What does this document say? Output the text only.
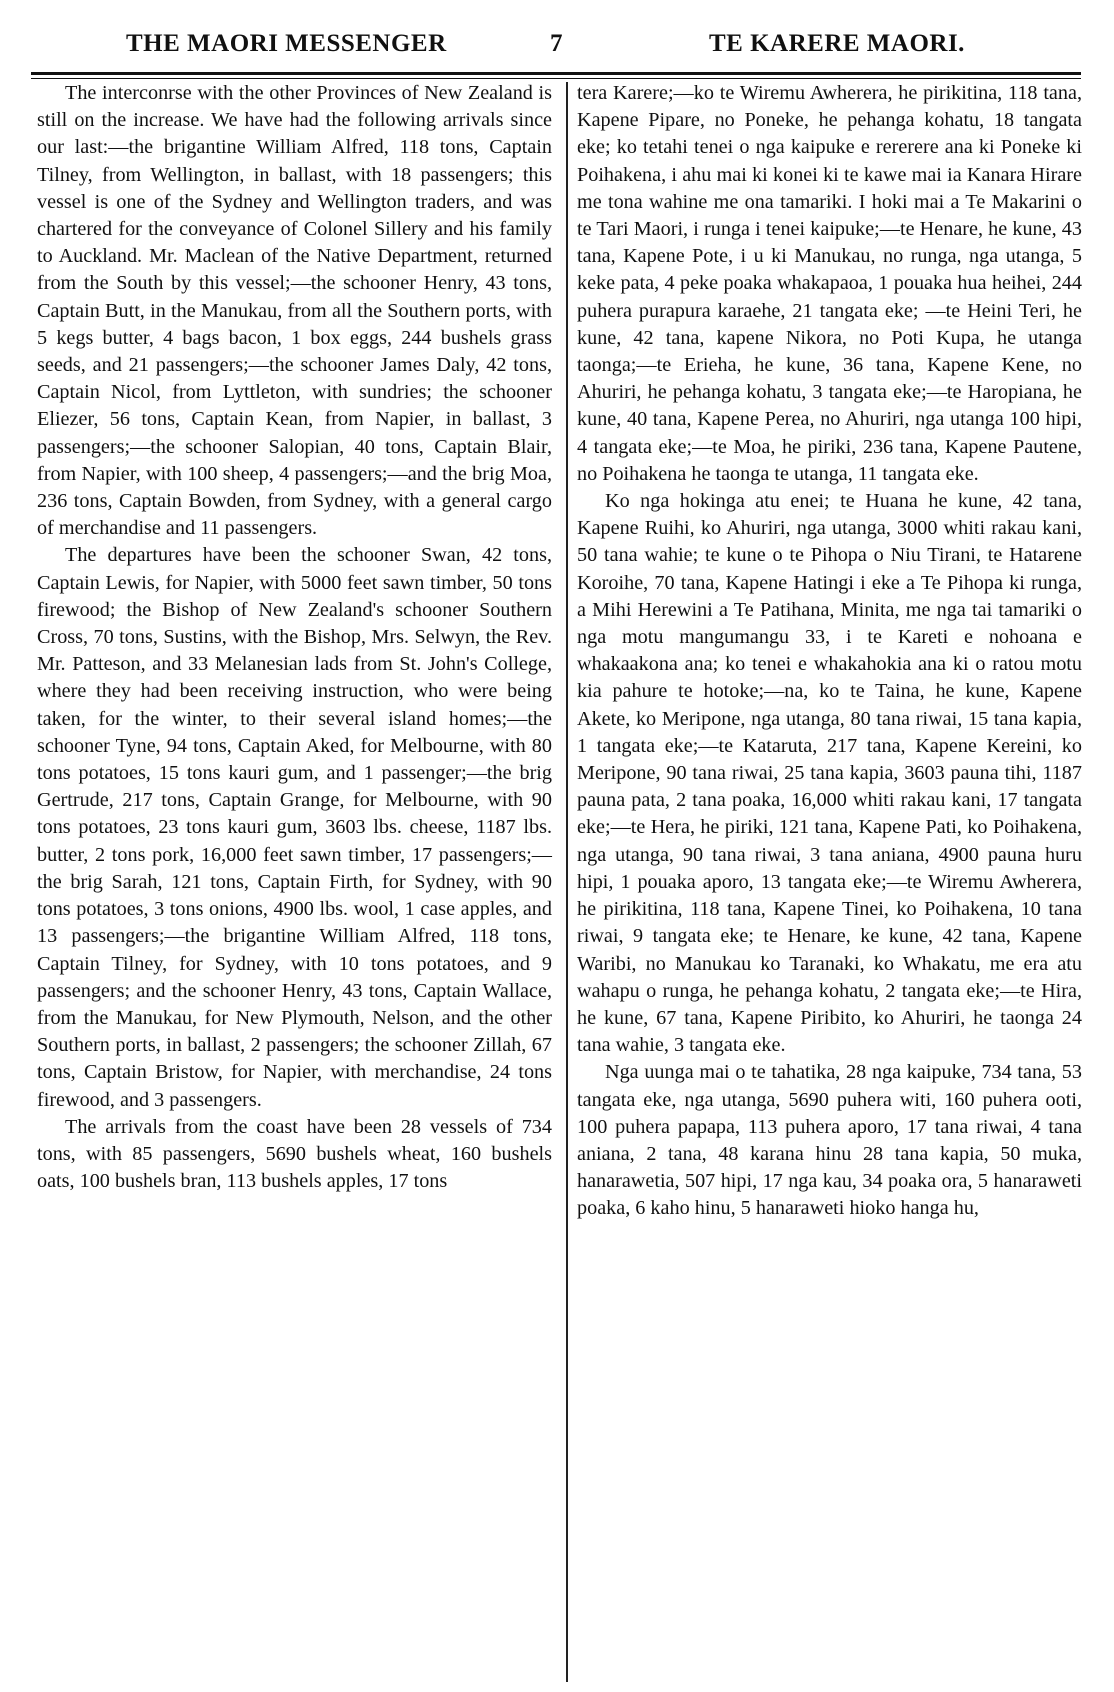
THE MAORI MESSENGER	7	TE KARERE MAORI.

The interconrse with the other Provinces of New Zealand is still on the increase. We have had the following arrivals since our last:—the brigantine William Alfred, 118 tons, Captain Tilney, from Wellington, in ballast, with 18 passengers; this vessel is one of the Sydney and Wellington traders, and was chartered for the conveyance of Colonel Sillery and his family to Auckland. Mr. Maclean of the Native Department, returned from the South by this vessel;—the schooner Henry, 43 tons, Captain Butt, in the Manukau, from all the Southern ports, with 5 kegs butter, 4 bags bacon, 1 box eggs, 244 bushels grass seeds, and 21 passengers;—the schooner James Daly, 42 tons, Captain Nicol, from Lyttleton, with sundries; the schooner Eliezer, 56 tons, Captain Kean, from Napier, in ballast, 3 passengers;—the schooner Salopian, 40 tons, Captain Blair, from Napier, with 100 sheep, 4 passengers;—and the brig Moa, 236 tons, Captain Bowden, from Sydney, with a general cargo of merchandise and 11 passengers.

The departures have been the schooner Swan, 42 tons, Captain Lewis, for Napier, with 5000 feet sawn timber, 50 tons firewood; the Bishop of New Zealand's schooner Southern Cross, 70 tons, Sustins, with the Bishop, Mrs. Selwyn, the Rev. Mr. Patteson, and 33 Melanesian lads from St. John's College, where they had been receiving instruction, who were being taken, for the winter, to their several island homes;—the schooner Tyne, 94 tons, Captain Aked, for Melbourne, with 80 tons potatoes, 15 tons kauri gum, and 1 passenger;—the brig Gertrude, 217 tons, Captain Grange, for Melbourne, with 90 tons potatoes, 23 tons kauri gum, 3603 lbs. cheese, 1187 lbs. butter, 2 tons pork, 16,000 feet sawn timber, 17 passengers;—the brig Sarah, 121 tons, Captain Firth, for Sydney, with 90 tons potatoes, 3 tons onions, 4900 lbs. wool, 1 case apples, and 13 passengers;—the brigantine William Alfred, 118 tons, Captain Tilney, for Sydney, with 10 tons potatoes, and 9 passengers; and the schooner Henry, 43 tons, Captain Wallace, from the Manukau, for New Plymouth, Nelson, and the other Southern ports, in ballast, 2 passengers; the schooner Zillah, 67 tons, Captain Bristow, for Napier, with merchandise, 24 tons firewood, and 3 passengers.

The arrivals from the coast have been 28 vessels of 734 tons, with 85 passengers, 5690 bushels wheat, 160 bushels oats, 100 bushels bran, 113 bushels apples, 17 tons

tera Karere;—ko te Wiremu Awherera, he pirikitina, 118 tana, Kapene Pipare, no Poneke, he pehanga kohatu, 18 tangata eke; ko tetahi tenei o nga kaipuke e rererere ana ki Poneke ki Poihakena, i ahu mai ki konei ki te kawe mai ia Kanara Hirare me tona wahine me ona tamariki. I hoki mai a Te Makarini o te Tari Maori, i runga i tenei kaipuke;—te Henare, he kune, 43 tana, Kapene Pote, i u ki Manukau, no runga, nga utanga, 5 keke pata, 4 peke poaka whakapaoa, 1 pouaka hua heihei, 244 puhera purapura karaehe, 21 tangata eke; —te Heini Teri, he kune, 42 tana, kapene Nikora, no Poti Kupa, he utanga taonga;—te Erieha, he kune, 36 tana, Kapene Kene, no Ahuriri, he pehanga kohatu, 3 tangata eke;—te Haropiana, he kune, 40 tana, Kapene Perea, no Ahuriri, nga utanga 100 hipi, 4 tangata eke;—te Moa, he piriki, 236 tana, Kapene Pautene, no Poihakena he taonga te utanga, 11 tangata eke.

Ko nga hokinga atu enei; te Huana he kune, 42 tana, Kapene Ruihi, ko Ahuriri, nga utanga, 3000 whiti rakau kani, 50 tana wahie; te kune o te Pihopa o Niu Tirani, te Hatarene Koroihe, 70 tana, Kapene Hatingi i eke a Te Pihopa ki runga, a Mihi Herewini a Te Patihana, Minita, me nga tai tamariki o nga motu mangumangu 33, i te Kareti e nohoana e whakaakona ana; ko tenei e whakahokia ana ki o ratou motu kia pahure te hotoke;—na, ko te Taina, he kune, Kapene Akete, ko Meripone, nga utanga, 80 tana riwai, 15 tana kapia, 1 tangata eke;—te Kataruta, 217 tana, Kapene Kereini, ko Meripone, 90 tana riwai, 25 tana kapia, 3603 pauna tihi, 1187 pauna pata, 2 tana poaka, 16,000 whiti rakau kani, 17 tangata eke;—te Hera, he piriki, 121 tana, Kapene Pati, ko Poihakena, nga utanga, 90 tana riwai, 3 tana aniana, 4900 pauna huru hipi, 1 pouaka aporo, 13 tangata eke;—te Wiremu Awherera, he pirikitina, 118 tana, Kapene Tinei, ko Poihakena, 10 tana riwai, 9 tangata eke; te Henare, ke kune, 42 tana, Kapene Waribi, no Manukau ko Taranaki, ko Whakatu, me era atu wahapu o runga, he pehanga kohatu, 2 tangata eke;—te Hira, he kune, 67 tana, Kapene Piribito, ko Ahuriri, he taonga 24 tana wahie, 3 tangata eke.

Nga uunga mai o te tahatika, 28 nga kaipuke, 734 tana, 53 tangata eke, nga utanga, 5690 puhera witi, 160 puhera ooti, 100 puhera papapa, 113 puhera aporo, 17 tana riwai, 4 tana aniana, 2 tana, 48 karana hinu 28 tana kapia, 50 muka, hanarawetia, 507 hipi, 17 nga kau, 34 poaka ora, 5 hanaraweti poaka, 6 kaho hinu, 5 hanaraweti hioko hanga hu,
